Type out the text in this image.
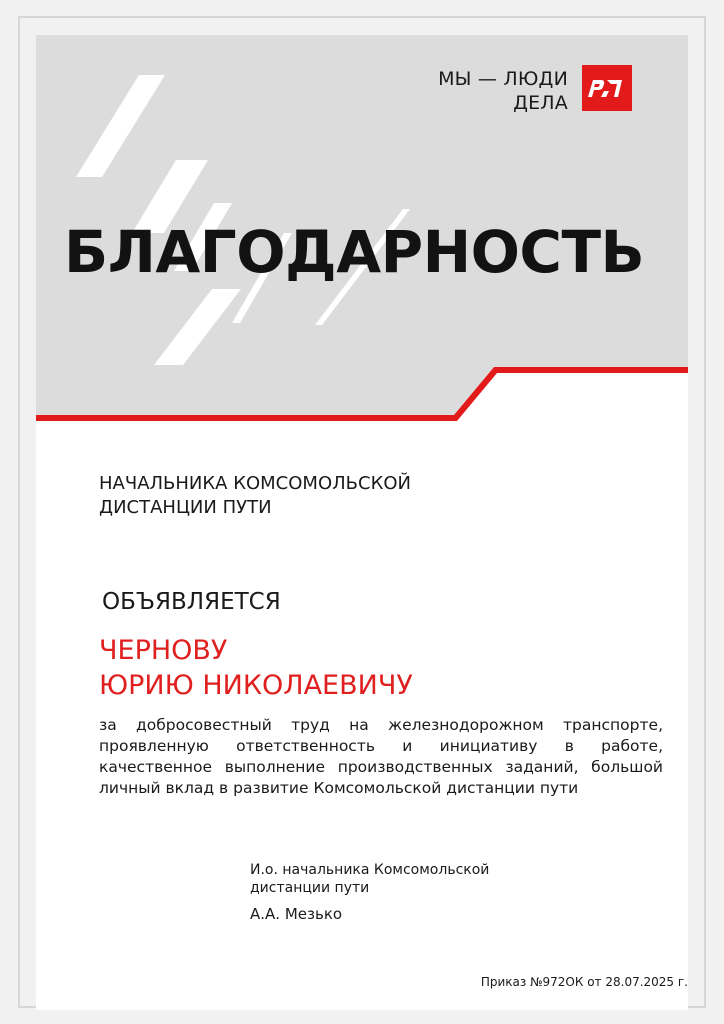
МЫ — ЛЮДИ
ДЕЛА
БЛАГОДАРНОСТЬ
НАЧАЛЬНИКА КОМСОМОЛЬСКОЙ
ДИСТАНЦИИ ПУТИ
ОБЪЯВЛЯЕТСЯ
ЧЕРНОВУ
ЮРИЮ НИКОЛАЕВИЧУ
за добросовестный труд на железнодорожном транспорте, проявленную ответственность и инициативу в работе, качественное выполнение производственных заданий, большой личный вклад в развитие Комсомольской дистанции пути
И.о. начальника Комсомольской
дистанции пути
А.А. Мезько
Приказ №972ОК от 28.07.2025 г.
